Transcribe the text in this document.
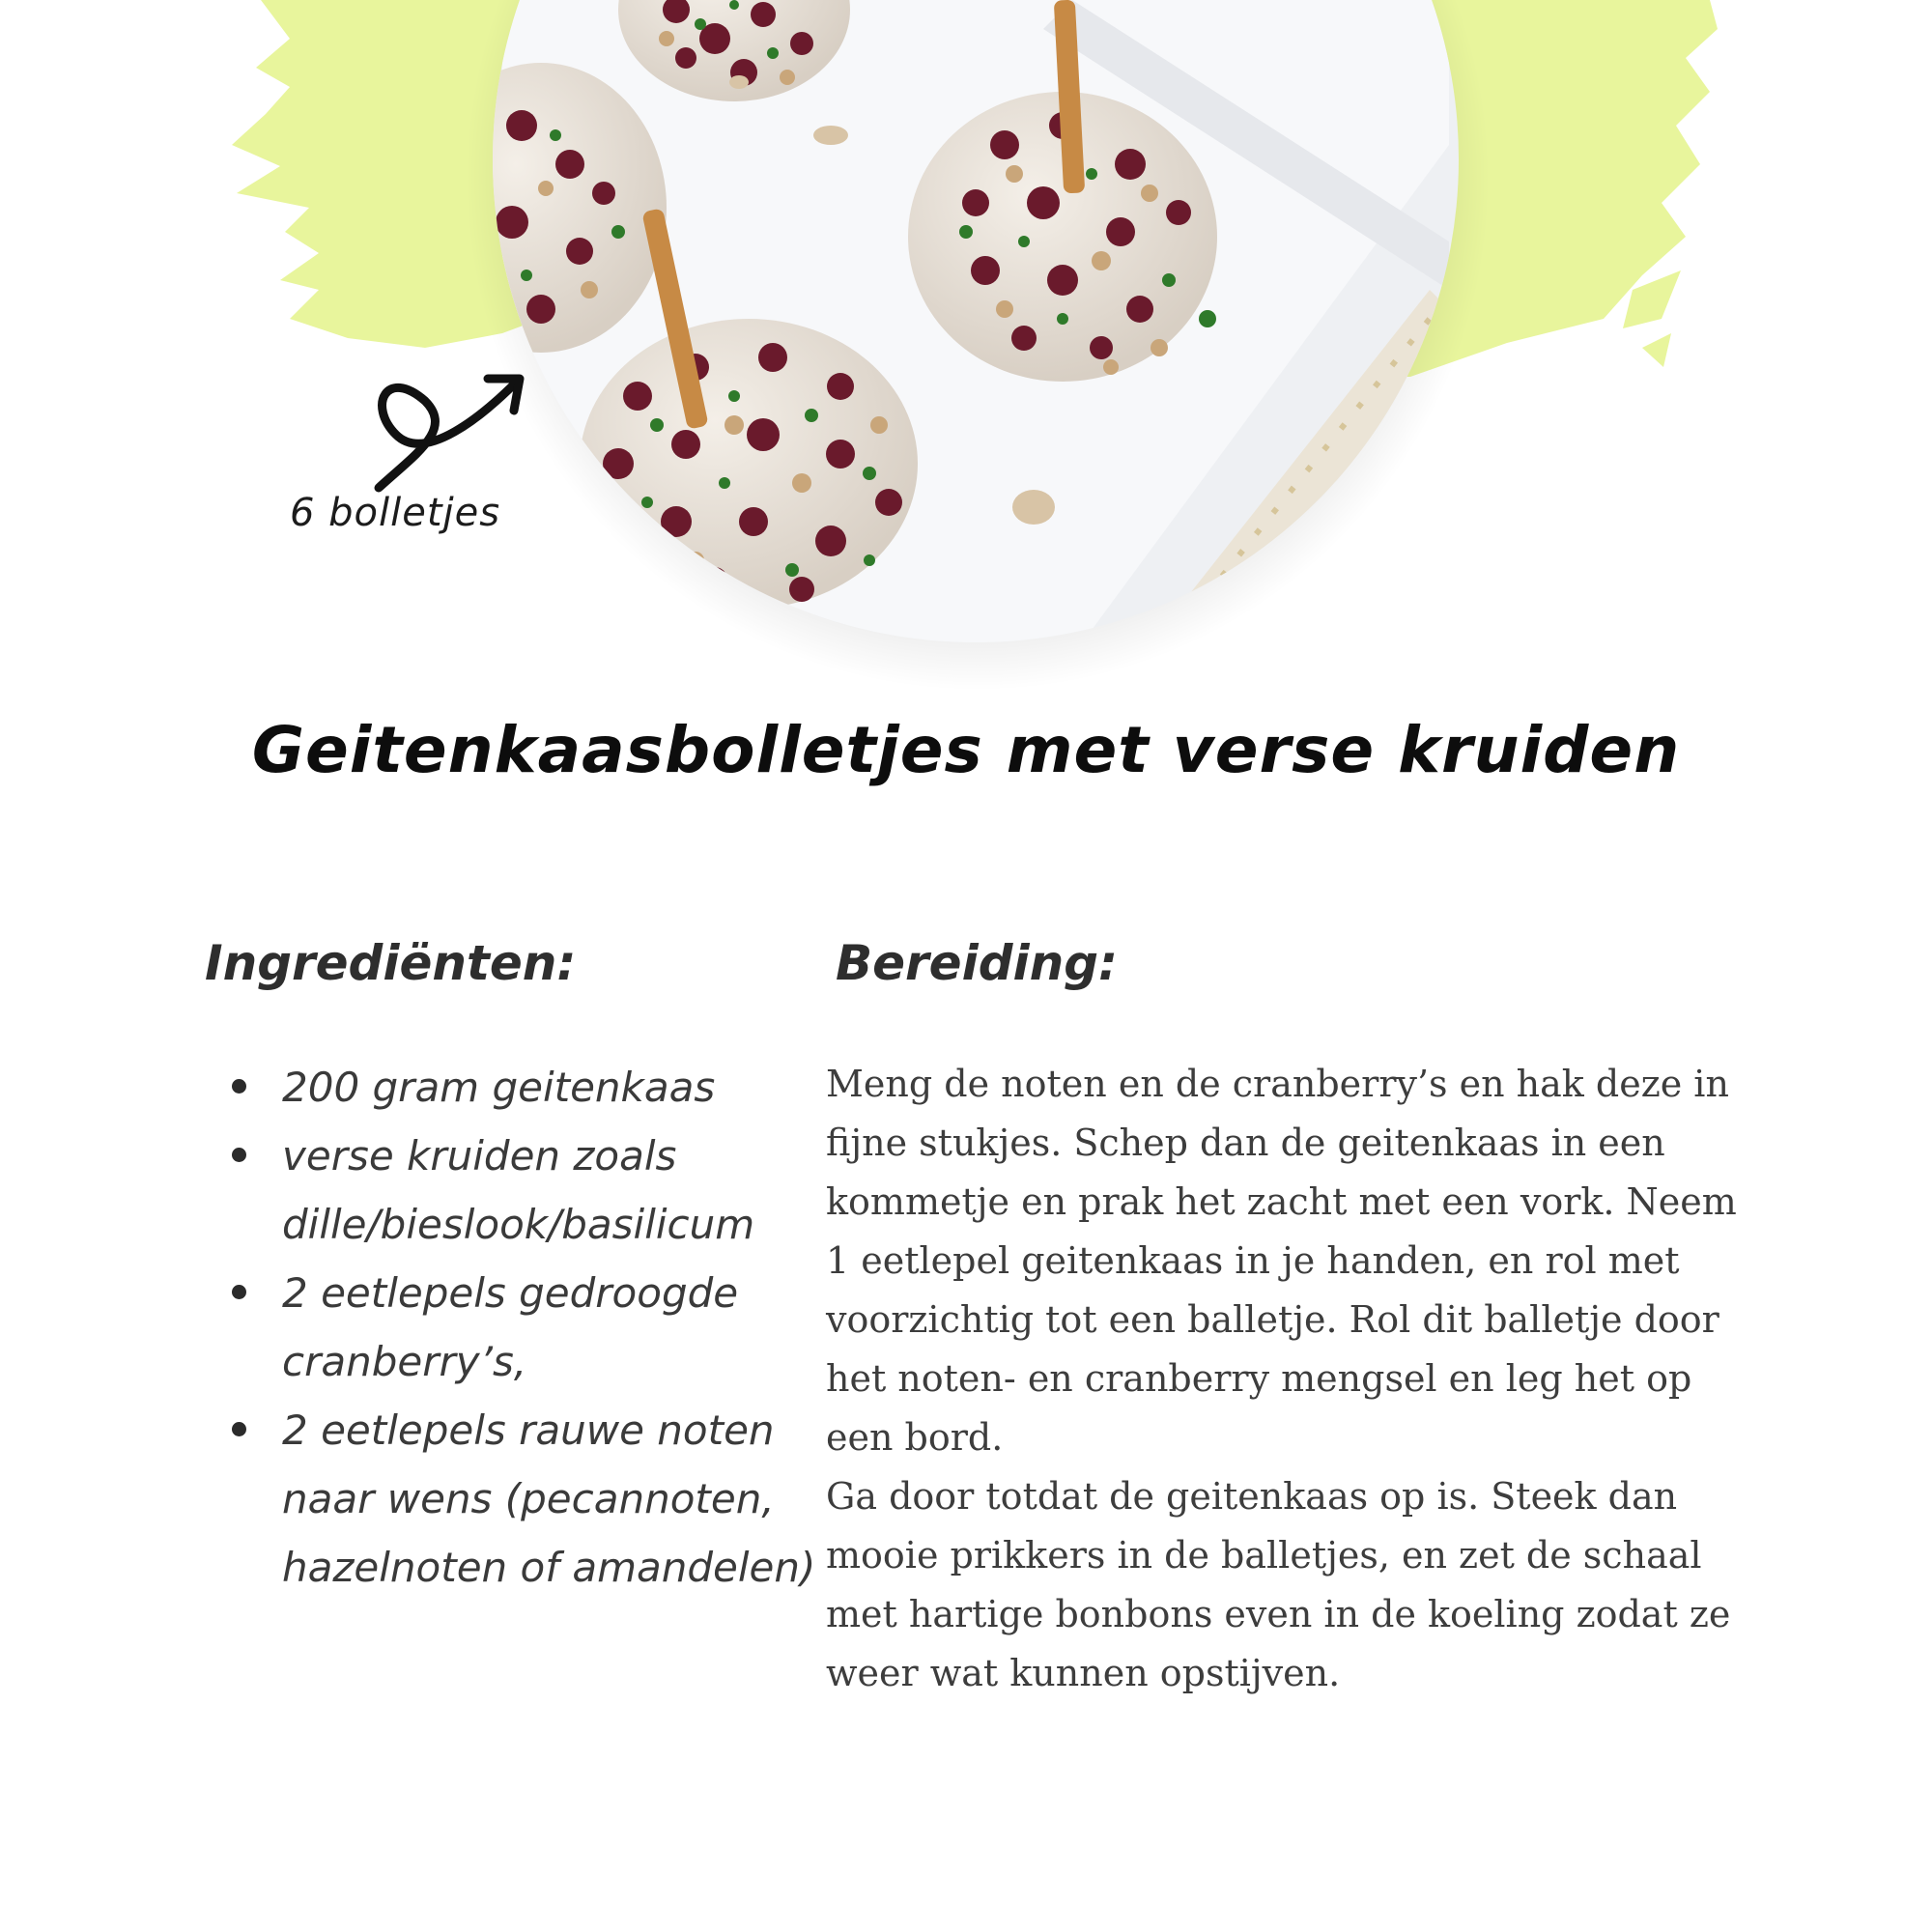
6 bolletjes
Geitenkaasbolletjes met verse kruiden
Ingrediënten:
200 gram geitenkaas
verse kruiden zoals dille/bieslook/basilicum
2 eetlepels gedroogde cranberry’s,
2 eetlepels rauwe noten naar wens (pecannoten, hazelnoten of amandelen)
Bereiding:

Meng de noten en de cranberry’s en hak deze in fijne stukjes. Schep dan de geitenkaas in een kommetje en prak het zacht met een vork. Neem 1 eetlepel geitenkaas in je handen, en rol met voorzichtig tot een balletje. Rol dit balletje door het noten- en cranberry mengsel en leg het op een bord.
Ga door totdat de geitenkaas op is. Steek dan mooie prikkers in de balletjes, en zet de schaal met hartige bonbons even in de koeling zodat ze weer wat kunnen opstijven.
